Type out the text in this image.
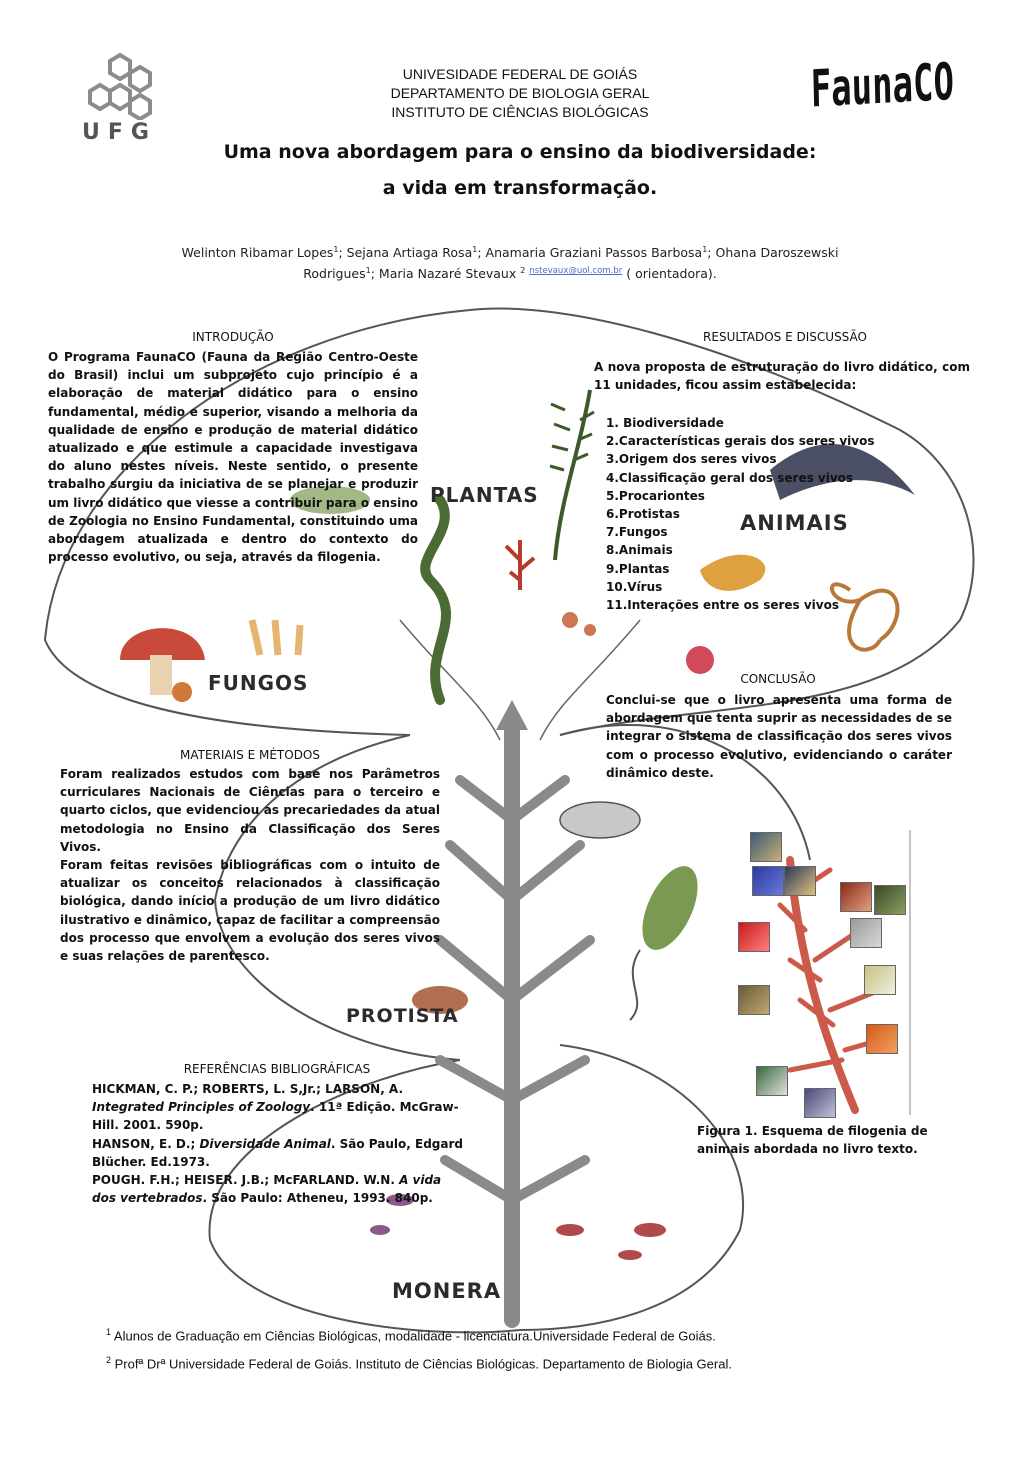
PLANTAS
ANIMAIS
FUNGOS
PROTISTA
MONERA
UFG
FaunaCO
UNIVESIDADE FEDERAL DE GOIÁS
DEPARTAMENTO DE BIOLOGIA GERAL
INSTITUTO DE CIÊNCIAS BIOLÓGICAS
Uma nova abordagem para o ensino da biodiversidade:
a vida em transformação.
Welinton Ribamar Lopes$^1$; Sejana Artiaga Rosa$^1$; Anamaria Graziani Passos Barbosa$^1$; Ohana Daroszewski
Rodrigues$^1$; Maria Nazaré Stevaux $^2$ $^{nstevaux@uol.com.br}$ ( orientadora).
INTRODUÇÃO
O Programa FaunaCO (Fauna da Região Centro-Oeste do Brasil) inclui um subprojeto cujo princípio é a elaboração de material didático para o ensino fundamental, médio e superior, visando a melhoria da qualidade de ensino e produção de material didático atualizado e que estimule a capacidade investigava do aluno nestes níveis. Neste sentido, o presente trabalho surgiu da iniciativa de se planejar e produzir um livro didático que viesse a contribuir para o ensino de Zoologia no Ensino Fundamental, constituindo uma abordagem atualizada e dentro do contexto do processo evolutivo, ou seja, através da filogenia.
RESULTADOS E DISCUSSÃO
A nova proposta de estruturação do livro didático, com 11 unidades, ficou assim estabelecida:
1. Biodiversidade
2.Características gerais dos seres vivos
3.Origem dos seres vivos
4.Classificação geral dos seres vivos
5.Procariontes
6.Protistas
7.Fungos
8.Animais
9.Plantas
10.Vírus
11.Interações entre os seres vivos
CONCLUSÃO
Conclui-se que o livro apresenta uma forma de abordagem que tenta suprir as necessidades de se integrar o sistema de classificação dos seres vivos com o processo evolutivo, evidenciando o caráter dinâmico deste.
MATERIAIS E MÉTODOS
Foram realizados estudos com base nos Parâmetros curriculares Nacionais de Ciências para o terceiro e quarto ciclos, que evidenciou as precariedades da atual metodologia no Ensino da Classificação dos Seres Vivos.
Foram feitas revisões bibliográficas com o intuito de atualizar os conceitos relacionados à classificação biológica, dando início a produção de um livro didático ilustrativo e dinâmico, capaz de facilitar a compreensão dos processo que envolvem a evolução dos seres vivos e suas relações de parentesco.
Figura 1. Esquema de filogenia de animais abordada no livro texto.
REFERÊNCIAS BIBLIOGRÁFICAS
HICKMAN, C. P.; ROBERTS, L. S,Jr.; LARSON, A. Integrated Principles of Zoology. 11ª Edição. McGraw-Hill. 2001. 590p.
HANSON, E. D.; Diversidade Animal. São Paulo, Edgard Blücher. Ed.1973.
POUGH. F.H.; HEISER. J.B.; McFARLAND. W.N. A vida dos vertebrados. São Paulo: Atheneu, 1993. 840p.
$^1$ Alunos de Graduação em Ciências Biológicas, modalidade - licenciatura.Universidade Federal de Goiás.
$^2$ Profª Drª Universidade Federal de Goiás. Instituto de Ciências Biológicas. Departamento de Biologia Geral.
